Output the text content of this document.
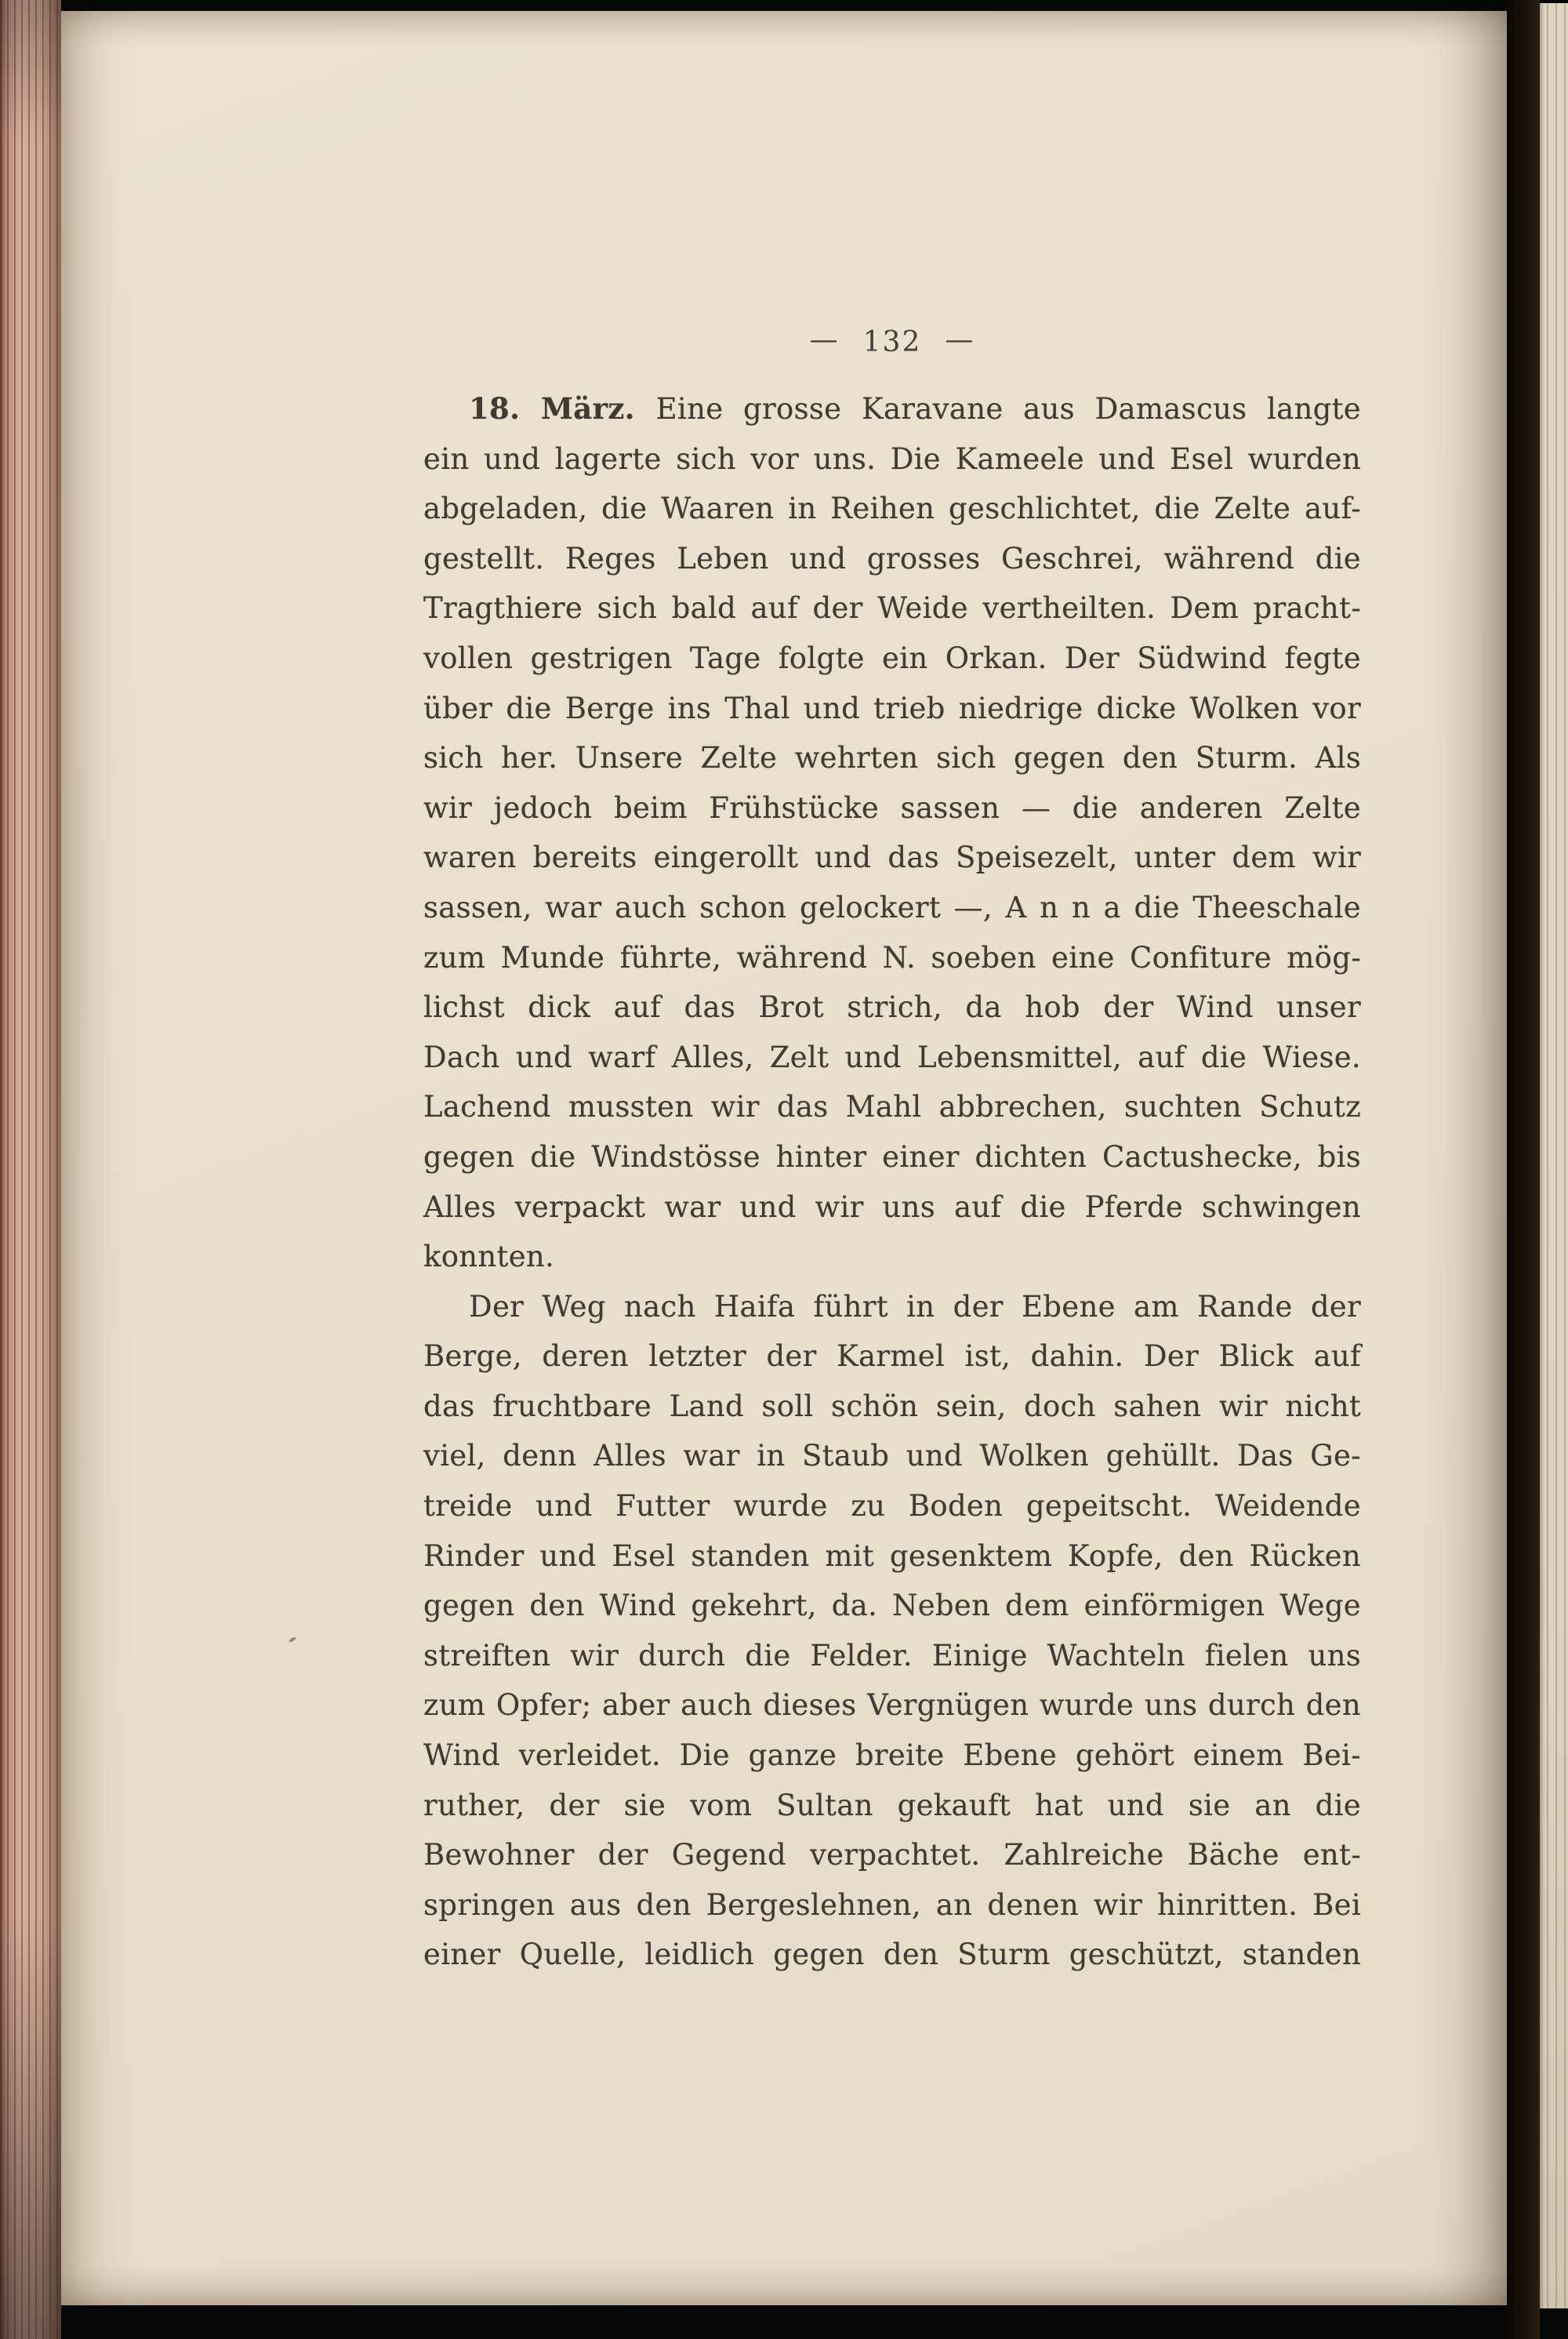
— 132 —
18. März. Eine grosse Karavane aus Damascus langte
ein und lagerte sich vor uns. Die Kameele und Esel wurden
abgeladen, die Waaren in Reihen geschlichtet, die Zelte auf-
gestellt. Reges Leben und grosses Geschrei, während die
Tragthiere sich bald auf der Weide vertheilten. Dem pracht-
vollen gestrigen Tage folgte ein Orkan. Der Südwind fegte
über die Berge ins Thal und trieb niedrige dicke Wolken vor
sich her. Unsere Zelte wehrten sich gegen den Sturm. Als
wir jedoch beim Frühstücke sassen — die anderen Zelte
waren bereits eingerollt und das Speisezelt, unter dem wir
sassen, war auch schon gelockert —, A n n a die Theeschale
zum Munde führte, während N. soeben eine Confiture mög-
lichst dick auf das Brot strich, da hob der Wind unser
Dach und warf Alles, Zelt und Lebensmittel, auf die Wiese.
Lachend mussten wir das Mahl abbrechen, suchten Schutz
gegen die Windstösse hinter einer dichten Cactushecke, bis
Alles verpackt war und wir uns auf die Pferde schwingen
konnten.
Der Weg nach Haifa führt in der Ebene am Rande der
Berge, deren letzter der Karmel ist, dahin. Der Blick auf
das fruchtbare Land soll schön sein, doch sahen wir nicht
viel, denn Alles war in Staub und Wolken gehüllt. Das Ge-
treide und Futter wurde zu Boden gepeitscht. Weidende
Rinder und Esel standen mit gesenktem Kopfe, den Rücken
gegen den Wind gekehrt, da. Neben dem einförmigen Wege
streiften wir durch die Felder. Einige Wachteln fielen uns
zum Opfer; aber auch dieses Vergnügen wurde uns durch den
Wind verleidet. Die ganze breite Ebene gehört einem Bei-
ruther, der sie vom Sultan gekauft hat und sie an die
Bewohner der Gegend verpachtet. Zahlreiche Bäche ent-
springen aus den Bergeslehnen, an denen wir hinritten. Bei
einer Quelle, leidlich gegen den Sturm geschützt, standen
